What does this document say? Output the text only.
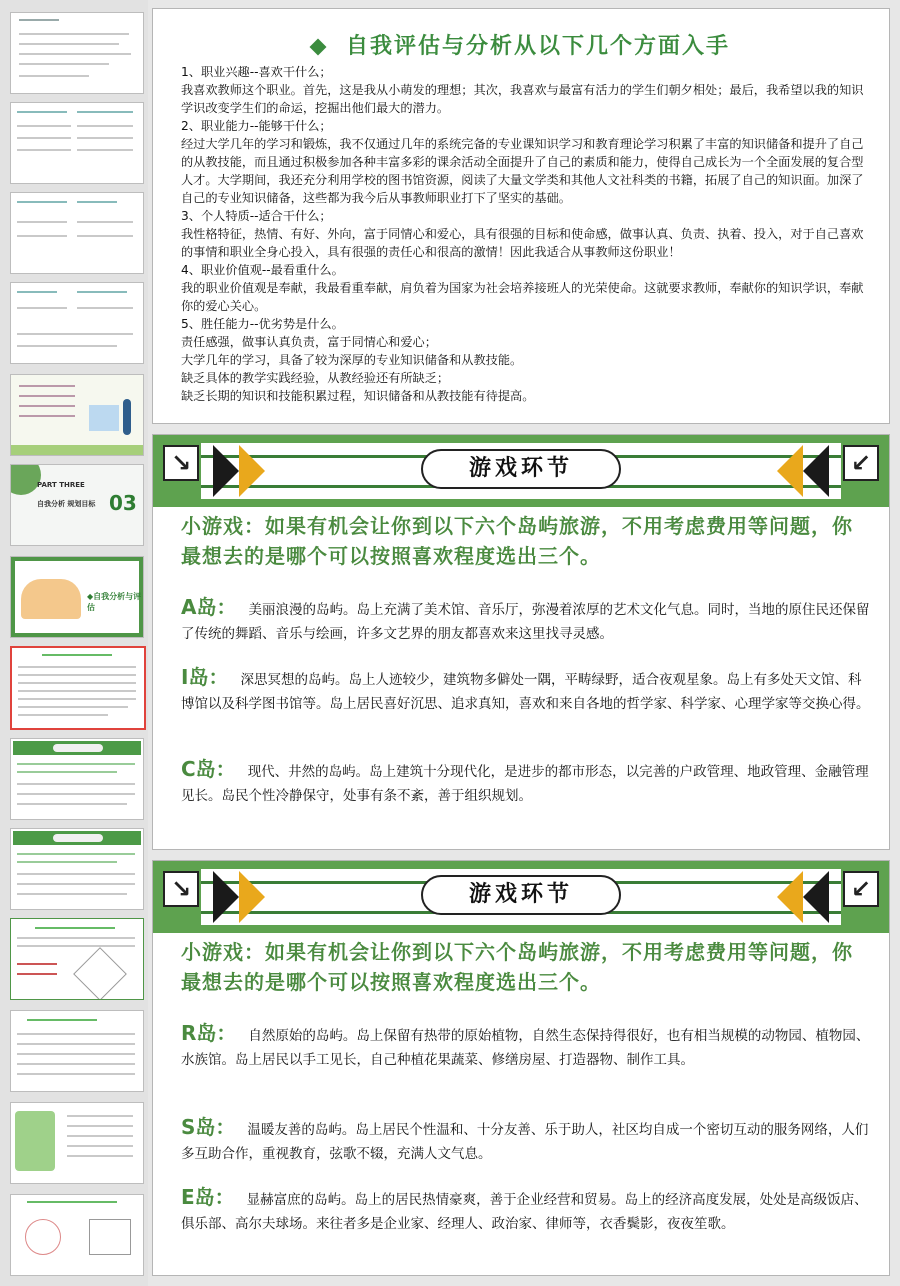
PART THREE
自我分析 规划目标 03
◆自我分析与评估
自我评估与分析从以下几个方面入手

1、职业兴趣--喜欢干什么；

我喜欢教师这个职业。首先，这是我从小萌发的理想；其次，我喜欢与最富有活力的学生们朝夕相处；最后，我希望以我的知识学识改变学生们的命运，挖掘出他们最大的潜力。

2、职业能力--能够干什么；

经过大学几年的学习和锻炼，我不仅通过几年的系统完备的专业课知识学习和教育理论学习积累了丰富的知识储备和提升了自己的从教技能，而且通过积极参加各种丰富多彩的课余活动全面提升了自己的素质和能力，使得自己成长为一个全面发展的复合型人才。大学期间，我还充分利用学校的图书馆资源，阅读了大量文学类和其他人文社科类的书籍，拓展了自己的知识面。加深了自己的专业知识储备，这些都为我今后从事教师职业打下了坚实的基础。

3、个人特质--适合干什么；

我性格特征，热情、有好、外向，富于同情心和爱心，具有很强的目标和使命感，做事认真、负责、执着、投入，对于自己喜欢的事情和职业全身心投入，具有很强的责任心和很高的激情！因此我适合从事教师这份职业！

4、职业价值观--最看重什么。

我的职业价值观是奉献，我最看重奉献，肩负着为国家为社会培养接班人的光荣使命。这就要求教师，奉献你的知识学识，奉献你的爱心关心。

5、胜任能力--优劣势是什么。

责任感强，做事认真负责，富于同情心和爱心；

大学几年的学习，具备了较为深厚的专业知识储备和从教技能。

缺乏具体的教学实践经验，从教经验还有所缺乏；

缺乏长期的知识和技能积累过程，知识储备和从教技能有待提高。

↘	↙
游戏环节
小游戏：如果有机会让你到以下六个岛屿旅游，不用考虑费用等问题，你最想去的是哪个可以按照喜欢程度选出三个。
A岛： 美丽浪漫的岛屿。岛上充满了美术馆、音乐厅，弥漫着浓厚的艺术文化气息。同时，当地的原住民还保留了传统的舞蹈、音乐与绘画，许多文艺界的朋友都喜欢来这里找寻灵感。
I岛： 深思冥想的岛屿。岛上人迹较少，建筑物多僻处一隅，平畴绿野，适合夜观星象。岛上有多处天文馆、科博馆以及科学图书馆等。岛上居民喜好沉思、追求真知，喜欢和来自各地的哲学家、科学家、心理学家等交换心得。
C岛： 现代、井然的岛屿。岛上建筑十分现代化，是进步的都市形态，以完善的户政管理、地政管理、金融管理见长。岛民个性冷静保守，处事有条不紊，善于组织规划。
↘	↙
游戏环节
小游戏：如果有机会让你到以下六个岛屿旅游，不用考虑费用等问题，你最想去的是哪个可以按照喜欢程度选出三个。
R岛： 自然原始的岛屿。岛上保留有热带的原始植物，自然生态保持得很好，也有相当规模的动物园、植物园、水族馆。岛上居民以手工见长，自己种植花果蔬菜、修缮房屋、打造器物、制作工具。
S岛： 温暖友善的岛屿。岛上居民个性温和、十分友善、乐于助人，社区均自成一个密切互动的服务网络，人们多互助合作，重视教育，弦歌不辍，充满人文气息。
E岛： 显赫富庶的岛屿。岛上的居民热情豪爽，善于企业经营和贸易。岛上的经济高度发展，处处是高级饭店、俱乐部、高尔夫球场。来往者多是企业家、经理人、政治家、律师等，衣香鬓影，夜夜笙歌。
